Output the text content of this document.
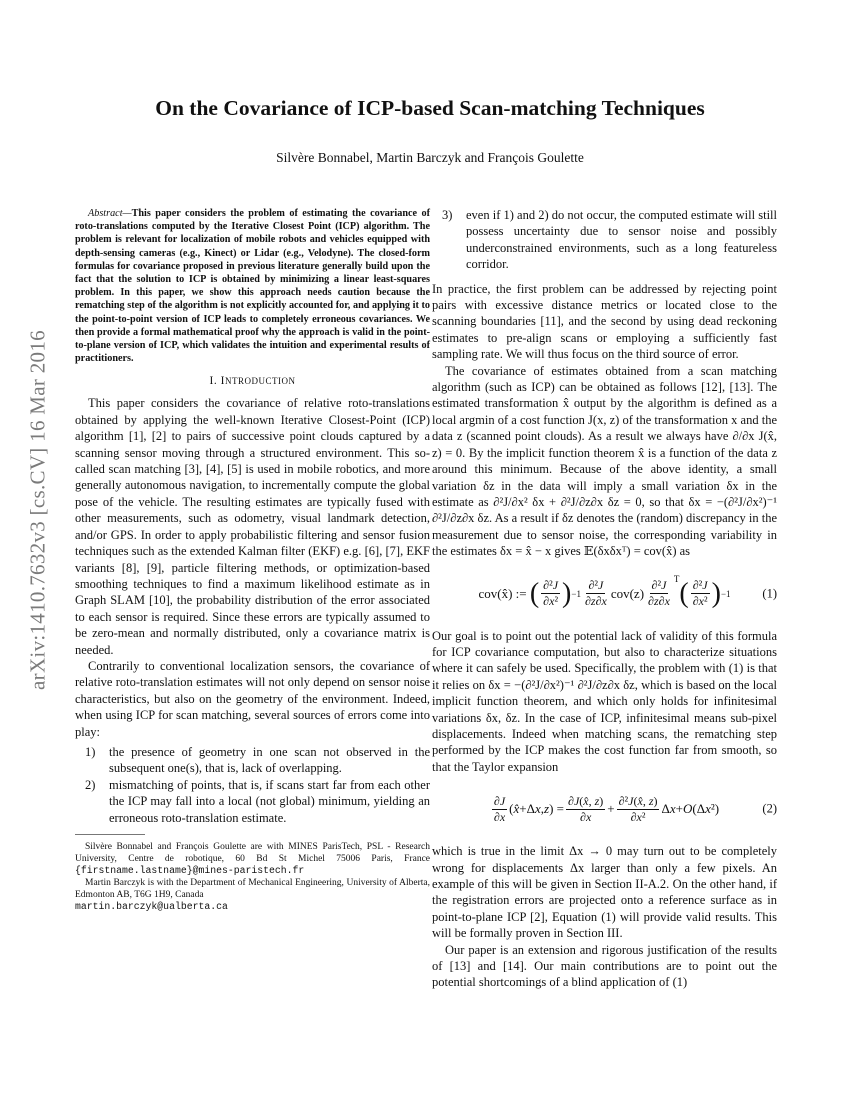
arXiv:1410.7632v3 [cs.CV] 16 Mar 2016
On the Covariance of ICP-based Scan-matching Techniques
Silvère Bonnabel, Martin Barczyk and François Goulette

Abstract—This paper considers the problem of estimating the covariance of roto-translations computed by the Iterative Closest Point (ICP) algorithm. The problem is relevant for localization of mobile robots and vehicles equipped with depth-sensing cameras (e.g., Kinect) or Lidar (e.g., Velodyne). The closed-form formulas for covariance proposed in previous literature generally build upon the fact that the solution to ICP is obtained by minimizing a linear least-squares problem. In this paper, we show this approach needs caution because the rematching step of the algorithm is not explicitly accounted for, and applying it to the point-to-point version of ICP leads to completely erroneous covariances. We then provide a formal mathematical proof why the approach is valid in the point-to-plane version of ICP, which validates the intuition and experimental results of practitioners.

I. INTRODUCTION

This paper considers the covariance of relative roto-translations obtained by applying the well-known Iterative Closest-Point (ICP) algorithm [1], [2] to pairs of successive point clouds captured by a scanning sensor moving through a structured environment. This so-called scan matching [3], [4], [5] is used in mobile robotics, and more generally autonomous navigation, to incrementally compute the global pose of the vehicle. The resulting estimates are typically fused with other measurements, such as odometry, visual landmark detection, and/or GPS. In order to apply probabilistic filtering and sensor fusion techniques such as the extended Kalman filter (EKF) e.g. [6], [7], EKF variants [8], [9], particle filtering methods, or optimization-based smoothing techniques to find a maximum likelihood estimate as in Graph SLAM [10], the probability distribution of the error associated to each sensor is required. Since these errors are typically assumed to be zero-mean and normally distributed, only a covariance matrix is needed.

Contrarily to conventional localization sensors, the covariance of relative roto-translation estimates will not only depend on sensor noise characteristics, but also on the geometry of the environment. Indeed, when using ICP for scan matching, several sources of errors come into play:

1) the presence of geometry in one scan not observed in the subsequent one(s), that is, lack of overlapping.
2) mismatching of points, that is, if scans start far from each other the ICP may fall into a local (not global) minimum, yielding an erroneous roto-translation estimate.

Silvère Bonnabel and François Goulette are with MINES ParisTech, PSL - Research University, Centre de robotique, 60 Bd St Michel 75006 Paris, France {firstname.lastname}@mines-paristech.fr

Martin Barczyk is with the Department of Mechanical Engineering, University of Alberta, Edmonton AB, T6G 1H9, Canada
martin.barczyk@ualberta.ca

3) even if 1) and 2) do not occur, the computed estimate will still possess uncertainty due to sensor noise and possibly underconstrained environments, such as a long featureless corridor.

In practice, the first problem can be addressed by rejecting point pairs with excessive distance metrics or located close to the scanning boundaries [11], and the second by using dead reckoning estimates to pre-align scans or employing a sufficiently fast sampling rate. We will thus focus on the third source of error.

The covariance of estimates obtained from a scan matching algorithm (such as ICP) can be obtained as follows [12], [13]. The estimated transformation x̂ output by the algorithm is defined as a local argmin of a cost function J(x, z) of the transformation x and the data z (scanned point clouds). As a result we always have ∂/∂x J(x̂, z) = 0. By the implicit function theorem x̂ is a function of the data z around this minimum. Because of the above identity, a small variation δz in the data will imply a small variation δx in the estimate as ∂²J/∂x² δx + ∂²J/∂z∂x δz = 0, so that δx = −(∂²J/∂x²)⁻¹ ∂²J/∂z∂x δz. As a result if δz denotes the (random) discrepancy in the measurement due to sensor noise, the corresponding variability in the estimates δx = x̂ − x gives 𝔼(δxδxᵀ) = cov(x̂) as

cov(x̂) :=
( $\frac{\text{∂²J}}{\text{∂x²}}$ ) $-1 \frac{\text{∂²J}}{\partial z\partial x} cov(z) \frac{\text{∂²J}}{\partial z\partial x}^T$ ( $\frac{\text{∂²J}}{\text{∂x²}}$ ) −1	(1)

Our goal is to point out the potential lack of validity of this formula for ICP covariance computation, but also to characterize situations where it can safely be used. Specifically, the problem with (1) is that it relies on δx = −(∂²J/∂x²)⁻¹ ∂²J/∂z∂x δz, which is based on the local implicit function theorem, and which only holds for infinitesimal variations δx, δz. In the case of ICP, infinitesimal means sub-pixel displacements. Indeed when matching scans, the rematching step performed by the ICP makes the cost function far from smooth, so that the Taylor expansion

$\frac{\partial J}{\partial x}$ ( x̂ +Δ x , z ) = $\frac{\partial J(x̂, z)}{\partial x} + \frac{\text{∂²J(x̂, z)}}{\text{∂x²}}$ Δ x + O (Δ x ²)	(2)

which is true in the limit Δx → 0 may turn out to be completely wrong for displacements Δx larger than only a few pixels. An example of this will be given in Section II-A.2. On the other hand, if the registration errors are projected onto a reference surface as in point-to-plane ICP [2], Equation (1) will provide valid results. This will be formally proven in Section III.

Our paper is an extension and rigorous justification of the results of [13] and [14]. Our main contributions are to point out the potential shortcomings of a blind application of (1)
